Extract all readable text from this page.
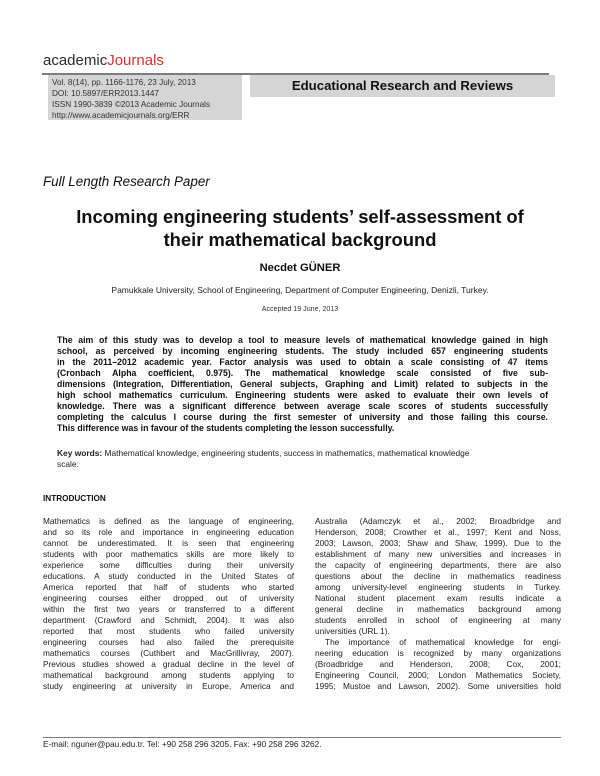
academicJournals
Vol. 8(14), pp. 1166-1176, 23 July, 2013
DOI: 10.5897/ERR2013.1447
ISSN 1990-3839 ©2013 Academic Journals
http://www.academicjournals.org/ERR
Educational Research and Reviews
Full Length Research Paper
Incoming engineering students’ self-assessment of
their mathematical background
Necdet GÜNER
Pamukkale University, School of Engineering, Department of Computer Engineering, Denizli, Turkey.
Accepted 19 June, 2013
The aim of this study was to develop a tool to measure levels of mathematical knowledge gained in high
school, as perceived by incoming engineering students. The study included 657 engineering students
in the 2011–2012 academic year. Factor analysis was used to obtain a scale consisting of 47 items
(Cronbach Alpha coefficient, 0.975). The mathematical knowledge scale consisted of five sub-
dimensions (Integration, Differentiation, General subjects, Graphing and Limit) related to subjects in the
high school mathematics curriculum. Engineering students were asked to evaluate their own levels of
knowledge. There was a significant difference between average scale scores of students successfully
completing the calculus I course during the first semester of university and those failing this course.
This difference was in favour of the students completing the lesson successfully.
Key words: Mathematical knowledge, engineering students, success in mathematics, mathematical knowledge
scale.
INTRODUCTION
Mathematics is defined as the language of engineering,
and so its role and importance in engineering education
cannot be underestimated. It is seen that engineering
students with poor mathematics skills are more likely to
experience some difficulties during their university
educations. A study conducted in the United States of
America reported that half of students who started
engineering courses either dropped out of university
within the first two years or transferred to a different
department (Crawford and Schmidt, 2004). It was also
reported that most students who failed university
engineering courses had also failed the prerequisite
mathematics courses (Cuthbert and MacGrillivray, 2007).
Previous studies showed a gradual decline in the level of
mathematical background among students applying to
study engineering at university in Europe, America and
Australia (Adamczyk et al., 2002; Broadbridge and
Henderson, 2008; Crowther et al., 1997; Kent and Noss,
2003; Lawson, 2003; Shaw and Shaw, 1999). Due to the
establishment of many new universities and increases in
the capacity of engineering departments, there are also
questions about the decline in mathematics readiness
among university-level engineering students in Turkey.
National student placement exam results indicate a
general decline in mathematics background among
students enrolled in school of engineering at many
universities (URL 1).
The importance of mathematical knowledge for engi-
neering education is recognized by many organizations
(Broadbridge and Henderson, 2008; Cox, 2001;
Engineering Council, 2000; London Mathematics Society,
1995; Mustoe and Lawson, 2002). Some universities hold
E-mail: nguner@pau.edu.tr. Tel: +90 258 296 3205. Fax: +90 258 296 3262.
